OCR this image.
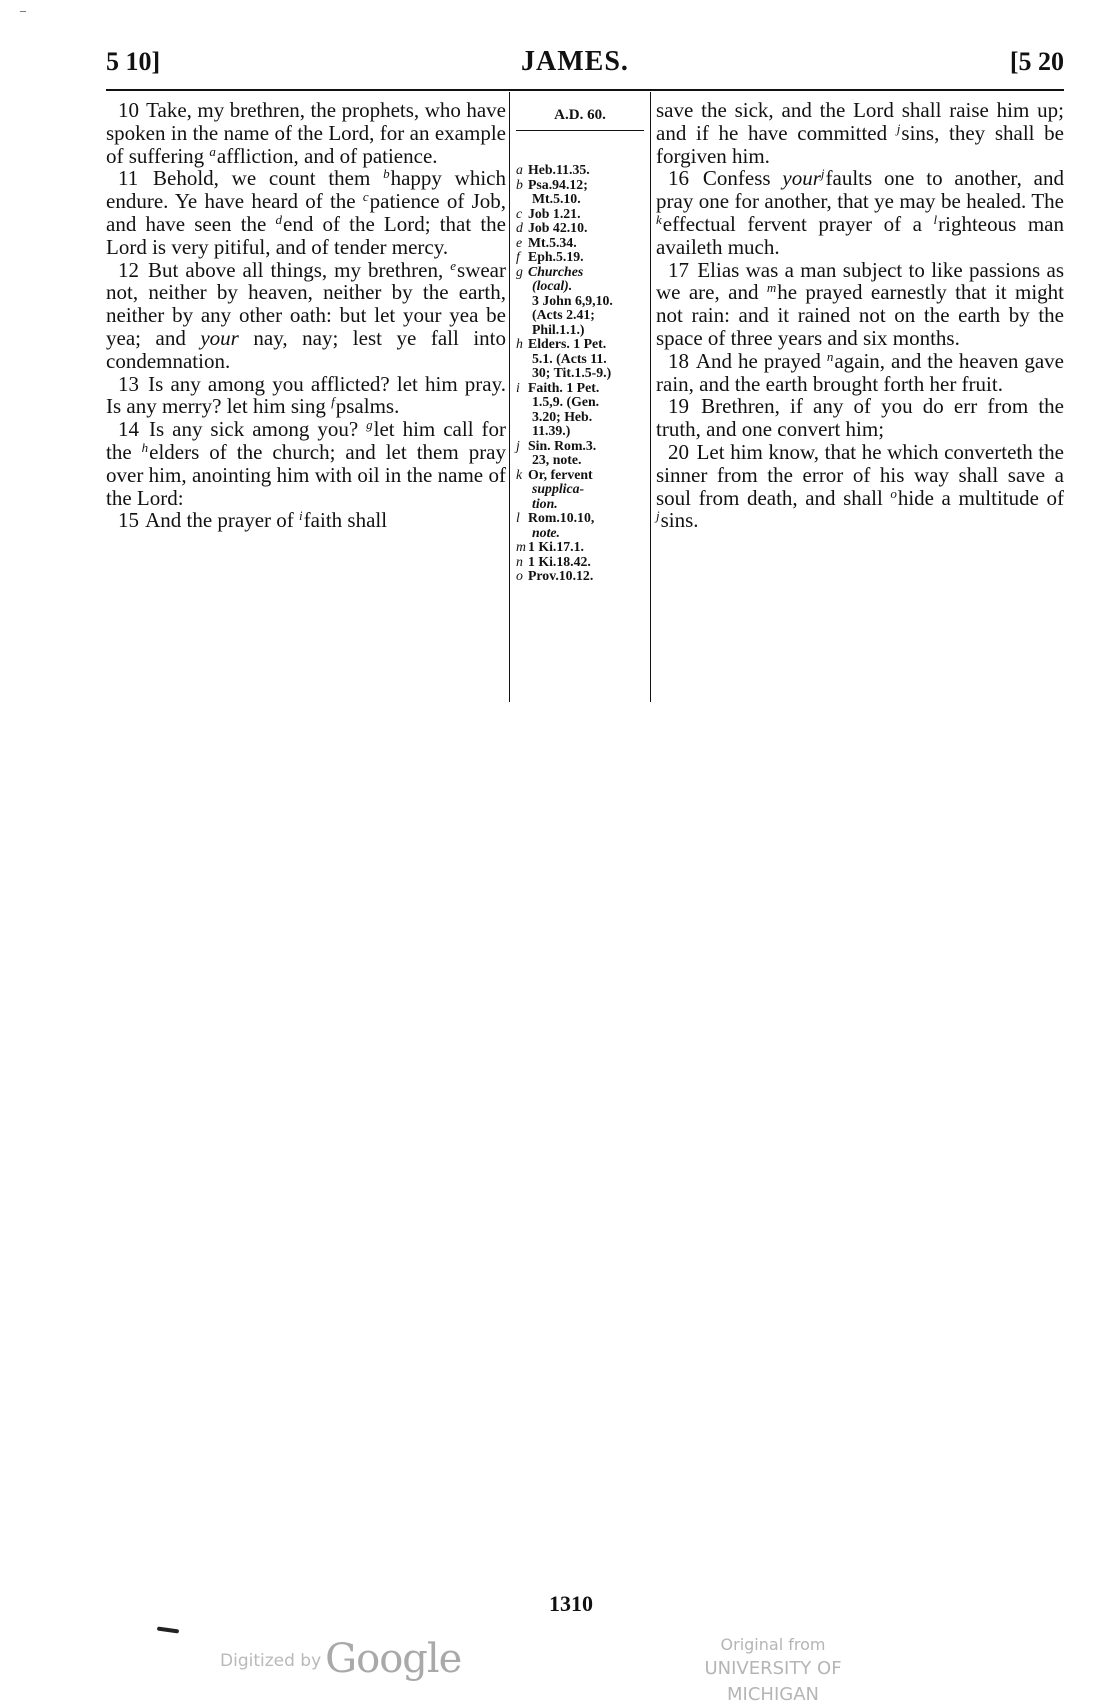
–
5 10]	JAMES.	[5 20

10 Take, my brethren, the prophets, who have spoken in the name of the Lord, for an example of suffering $^a$affliction, and of patience.

11 Behold, we count them $^b$happy which endure. Ye have heard of the $^c$patience of Job, and have seen the $^d$end of the Lord; that the Lord is very pitiful, and of tender mercy.

12 But above all things, my brethren, $^e$swear not, neither by heaven, neither by the earth, neither by any other oath: but let your yea be yea; and your nay, nay; lest ye fall into condemnation.

13 Is any among you afflicted? let him pray. Is any merry? let him sing $^f$psalms.

14 Is any sick among you? $^g$let him call for the $^h$elders of the church; and let them pray over him, anointing him with oil in the name of the Lord:

15 And the prayer of $^i$faith shall

A.D. 60.
a Heb.11.35.
b Psa.94.12;
Mt.5.10.
c Job 1.21.
d Job 42.10.
e Mt.5.34.
f Eph.5.19.
g Churches
(local).
3 John 6,9,10.
(Acts 2.41;
Phil.1.1.)
h Elders. 1 Pet.
5.1. (Acts 11.
30; Tit.1.5-9.)
i Faith. 1 Pet.
1.5,9. (Gen.
3.20; Heb.
11.39.)
j Sin. Rom.3.
23, note.
k Or, fervent
supplica-
tion.
l Rom.10.10,
note.
m 1 Ki.17.1.
n 1 Ki.18.42.
o Prov.10.12.

save the sick, and the Lord shall raise him up; and if he have committed $^j$sins, they shall be forgiven him.

16 Confess your$^j$faults one to another, and pray one for another, that ye may be healed. The $^k$effectual fervent prayer of a $^l$righteous man availeth much.

17 Elias was a man subject to like passions as we are, and $^m$he prayed earnestly that it might not rain: and it rained not on the earth by the space of three years and six months.

18 And he prayed $^n$again, and the heaven gave rain, and the earth brought forth her fruit.

19 Brethren, if any of you do err from the truth, and one convert him;

20 Let him know, that he which converteth the sinner from the error of his way shall save a soul from death, and shall $^o$hide a multitude of $^j$sins.

1310
Digitized by Google	Original from
UNIVERSITY OF MICHIGAN
